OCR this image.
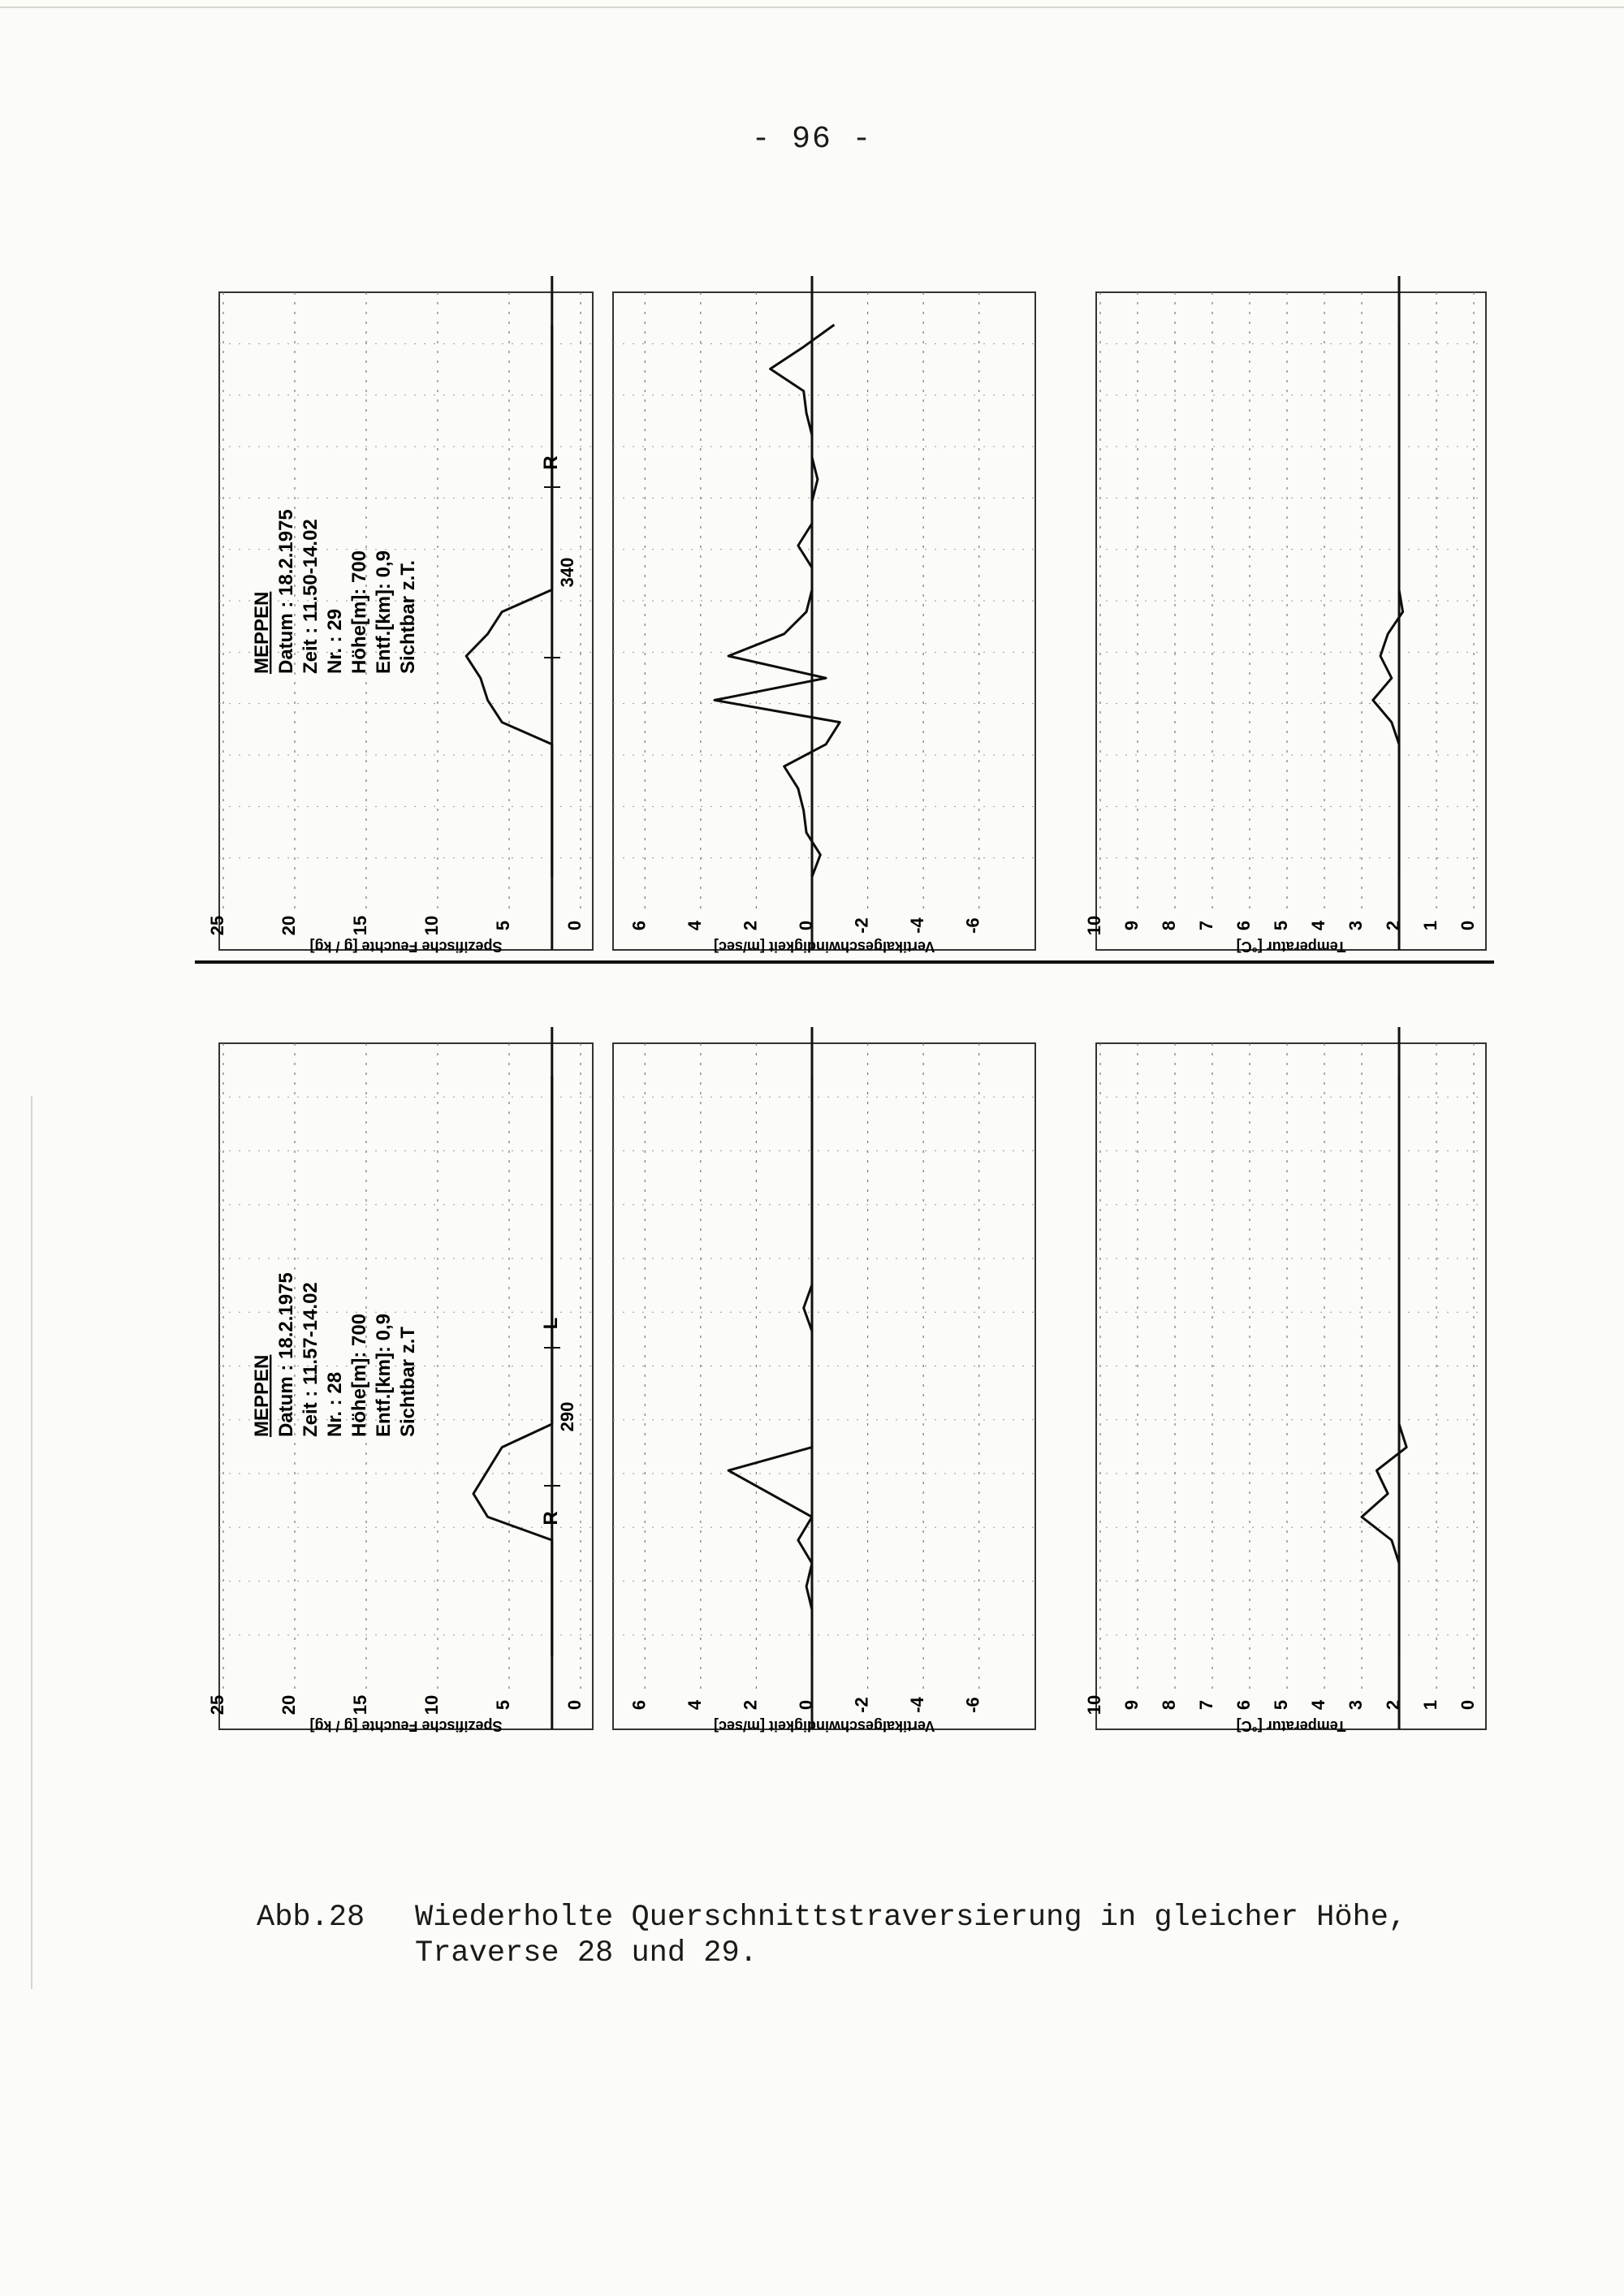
- 96 -
25	20	15	10	5	0
Spezifische Feuchte [g / kg]
6 4 2 0 -2 -4 -6
Vertikalgeschwindigkeit [m/sec]
10 9 8 7 6 5 4 3 2 1 0
Temperatur [°C]
MEPPEN Datum : 18.2.1975 Zeit : 11.50-14.02 Nr. : 29 Höhe[m]: 700 Entf.[km]: 0,9 Sichtbar z.T.	340
R
25	20	15	10	5	0
Spezifische Feuchte [g / kg]
6 4 2 0 -2 -4 -6
Vertikalgeschwindigkeit [m/sec]
10 9 8 7 6 5 4 3 2 1 0
Temperatur [°C]
MEPPEN Datum : 18.2.1975 Zeit : 11.57-14.02 Nr. : 28 Höhe[m]: 700 Entf.[km]: 0,9 Sichtbar z.T	290
R
L
Abb.28 Wiederholte Querschnittstraversierung in gleicher Höhe,
Traverse 28 und 29.
